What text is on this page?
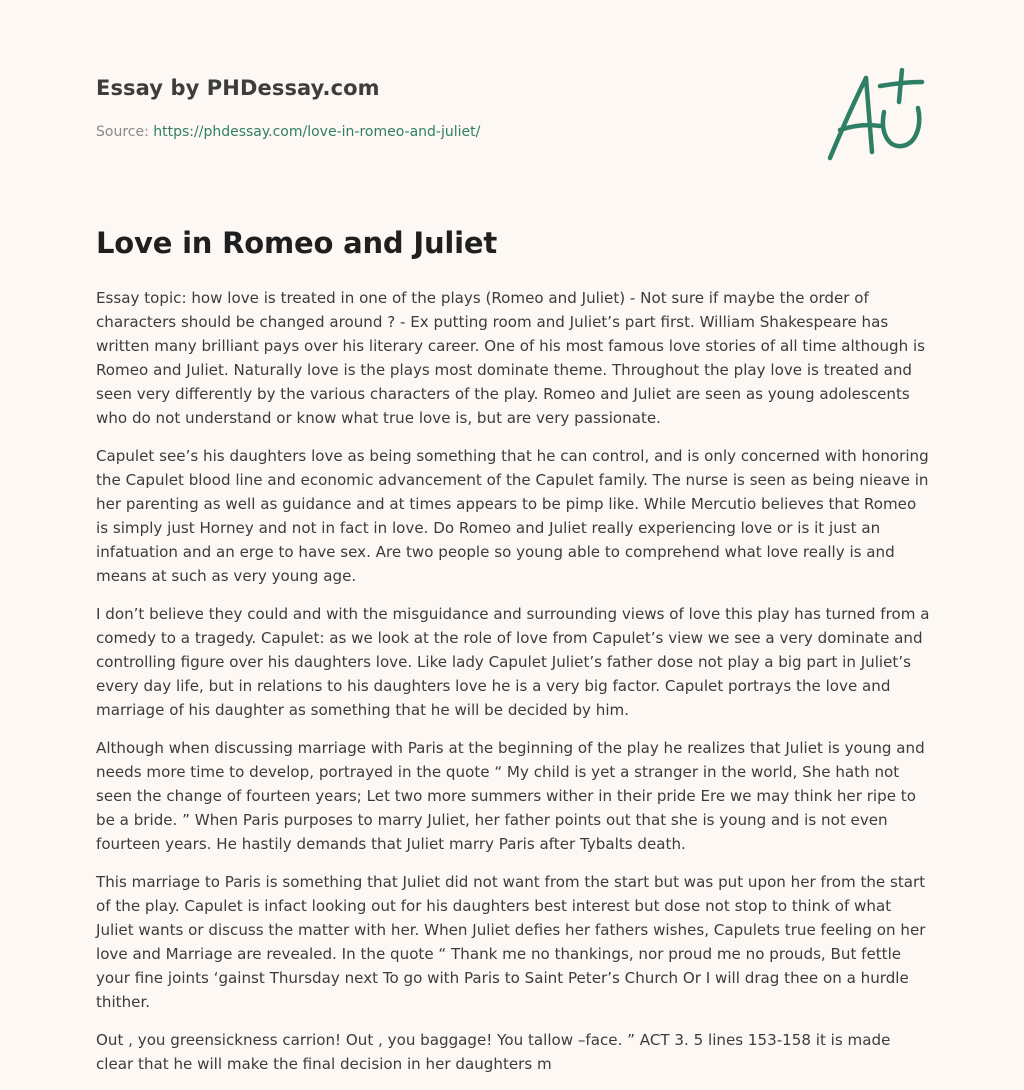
Essay by PHDessay.com
Source: https://phdessay.com/love-in-romeo-and-juliet/
Love in Romeo and Juliet

Essay topic: how love is treated in one of the plays (Romeo and Juliet) - Not sure if maybe the order of characters should be changed around ? - Ex putting room and Juliet’s part first. William Shakespeare has written many brilliant pays over his literary career. One of his most famous love stories of all time although is Romeo and Juliet. Naturally love is the plays most dominate theme. Throughout the play love is treated and seen very differently by the various characters of the play. Romeo and Juliet are seen as young adolescents who do not understand or know what true love is, but are very passionate.

Capulet see’s his daughters love as being something that he can control, and is only concerned with honoring the Capulet blood line and economic advancement of the Capulet family. The nurse is seen as being nieave in her parenting as well as guidance and at times appears to be pimp like. While Mercutio believes that Romeo is simply just Horney and not in fact in love. Do Romeo and Juliet really experiencing love or is it just an infatuation and an erge to have sex. Are two people so young able to comprehend what love really is and means at such as very young age.

I don’t believe they could and with the misguidance and surrounding views of love this play has turned from a comedy to a tragedy. Capulet: as we look at the role of love from Capulet’s view we see a very dominate and controlling figure over his daughters love. Like lady Capulet Juliet’s father dose not play a big part in Juliet’s every day life, but in relations to his daughters love he is a very big factor. Capulet portrays the love and marriage of his daughter as something that he will be decided by him.

Although when discussing marriage with Paris at the beginning of the play he realizes that Juliet is young and needs more time to develop, portrayed in the quote “ My child is yet a stranger in the world, She hath not seen the change of fourteen years; Let two more summers wither in their pride Ere we may think her ripe to be a bride. ” When Paris purposes to marry Juliet, her father points out that she is young and is not even fourteen years. He hastily demands that Juliet marry Paris after Tybalts death.

This marriage to Paris is something that Juliet did not want from the start but was put upon her from the start of the play. Capulet is infact looking out for his daughters best interest but dose not stop to think of what Juliet wants or discuss the matter with her. When Juliet defies her fathers wishes, Capulets true feeling on her love and Marriage are revealed. In the quote “ Thank me no thankings, nor proud me no prouds, But fettle your fine joints ‘gainst Thursday next To go with Paris to Saint Peter’s Church Or I will drag thee on a hurdle thither.

Out , you greensickness carrion! Out , you baggage! You tallow –face. ” ACT 3. 5 lines 153-158 it is made clear that he will make the final decision in her daughters m
